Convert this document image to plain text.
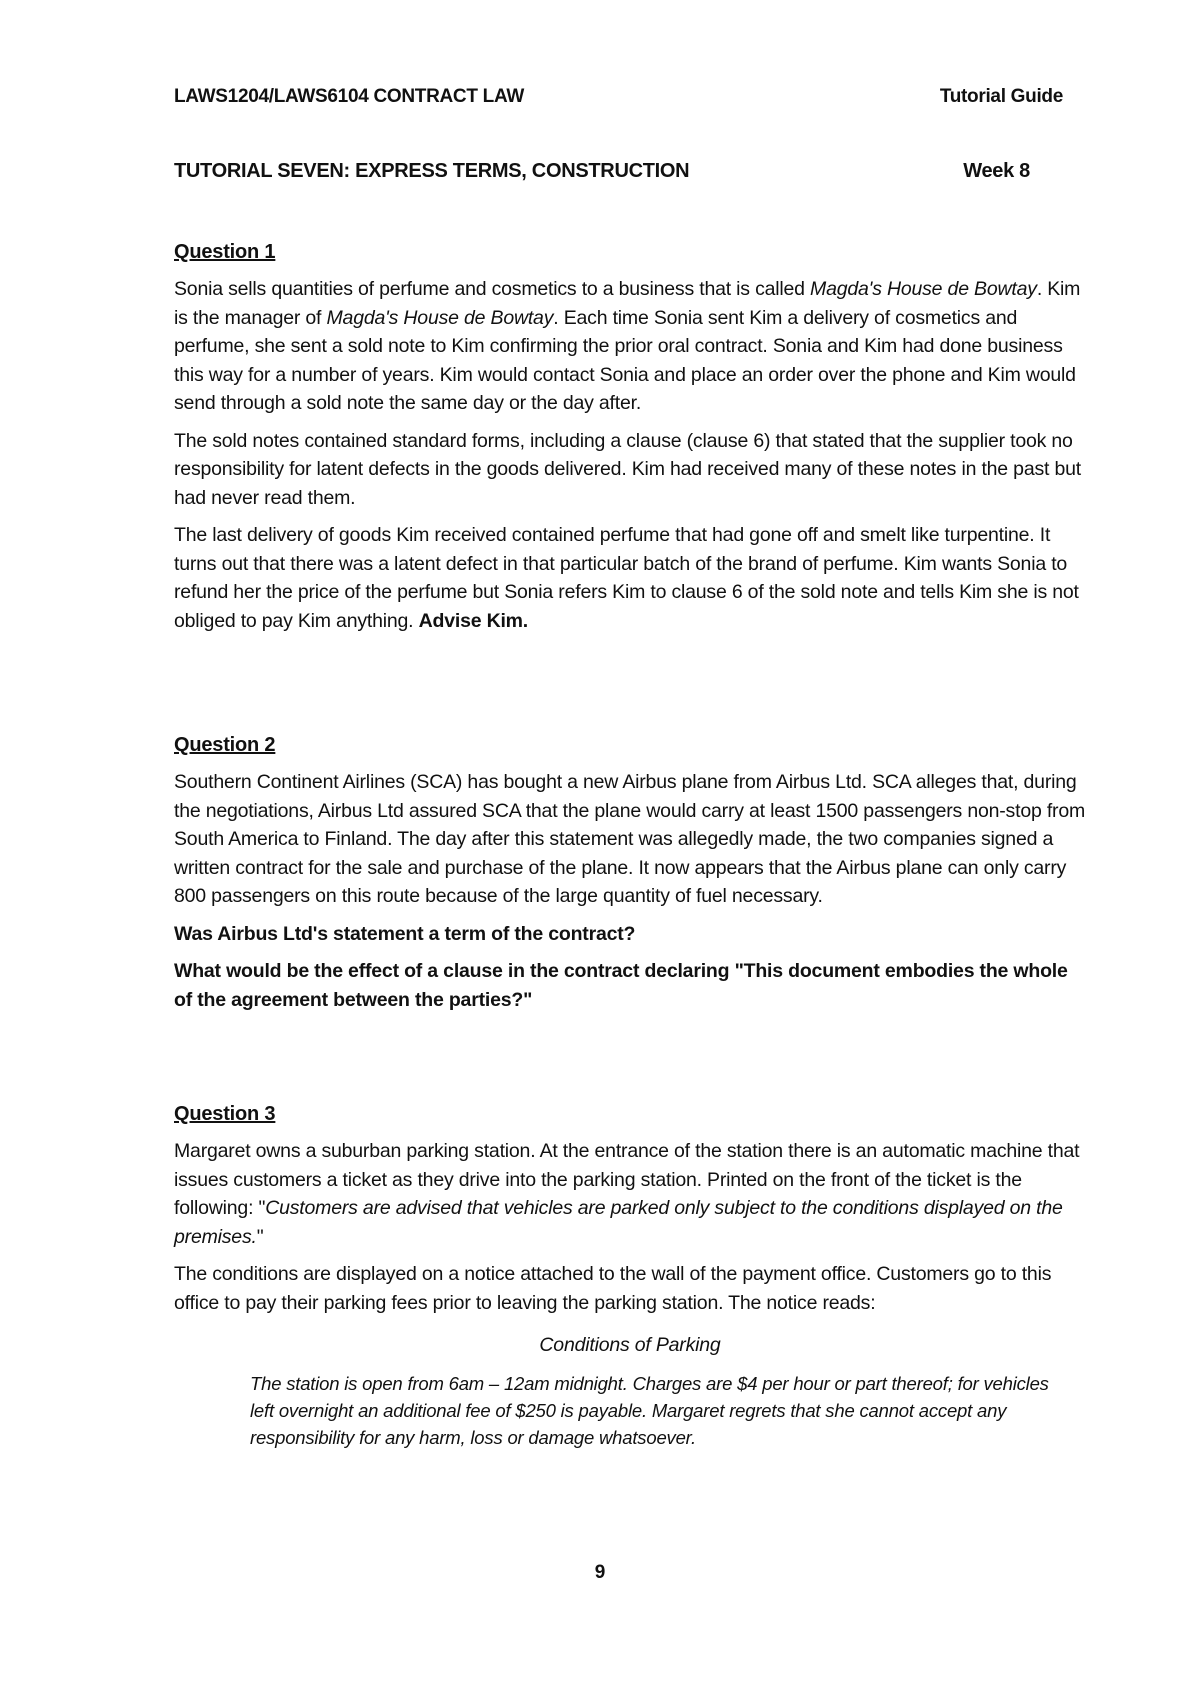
LAWS1204/LAWS6104 CONTRACT LAW	Tutorial Guide
TUTORIAL SEVEN: EXPRESS TERMS, CONSTRUCTION	Week 8
Question 1

Sonia sells quantities of perfume and cosmetics to a business that is called Magda's House de Bowtay. Kim is the manager of Magda's House de Bowtay. Each time Sonia sent Kim a delivery of cosmetics and perfume, she sent a sold note to Kim confirming the prior oral contract. Sonia and Kim had done business this way for a number of years. Kim would contact Sonia and place an order over the phone and Kim would send through a sold note the same day or the day after.

The sold notes contained standard forms, including a clause (clause 6) that stated that the supplier took no responsibility for latent defects in the goods delivered. Kim had received many of these notes in the past but had never read them.

The last delivery of goods Kim received contained perfume that had gone off and smelt like turpentine. It turns out that there was a latent defect in that particular batch of the brand of perfume. Kim wants Sonia to refund her the price of the perfume but Sonia refers Kim to clause 6 of the sold note and tells Kim she is not obliged to pay Kim anything. Advise Kim.

Question 2

Southern Continent Airlines (SCA) has bought a new Airbus plane from Airbus Ltd. SCA alleges that, during the negotiations, Airbus Ltd assured SCA that the plane would carry at least 1500 passengers non-stop from South America to Finland. The day after this statement was allegedly made, the two companies signed a written contract for the sale and purchase of the plane. It now appears that the Airbus plane can only carry 800 passengers on this route because of the large quantity of fuel necessary.

Was Airbus Ltd's statement a term of the contract?

What would be the effect of a clause in the contract declaring "This document embodies the whole of the agreement between the parties?"

Question 3

Margaret owns a suburban parking station. At the entrance of the station there is an automatic machine that issues customers a ticket as they drive into the parking station. Printed on the front of the ticket is the following: "Customers are advised that vehicles are parked only subject to the conditions displayed on the premises."

The conditions are displayed on a notice attached to the wall of the payment office. Customers go to this office to pay their parking fees prior to leaving the parking station. The notice reads:

Conditions of Parking
The station is open from 6am – 12am midnight. Charges are $4 per hour or part thereof; for vehicles left overnight an additional fee of $250 is payable. Margaret regrets that she cannot accept any responsibility for any harm, loss or damage whatsoever.
9
